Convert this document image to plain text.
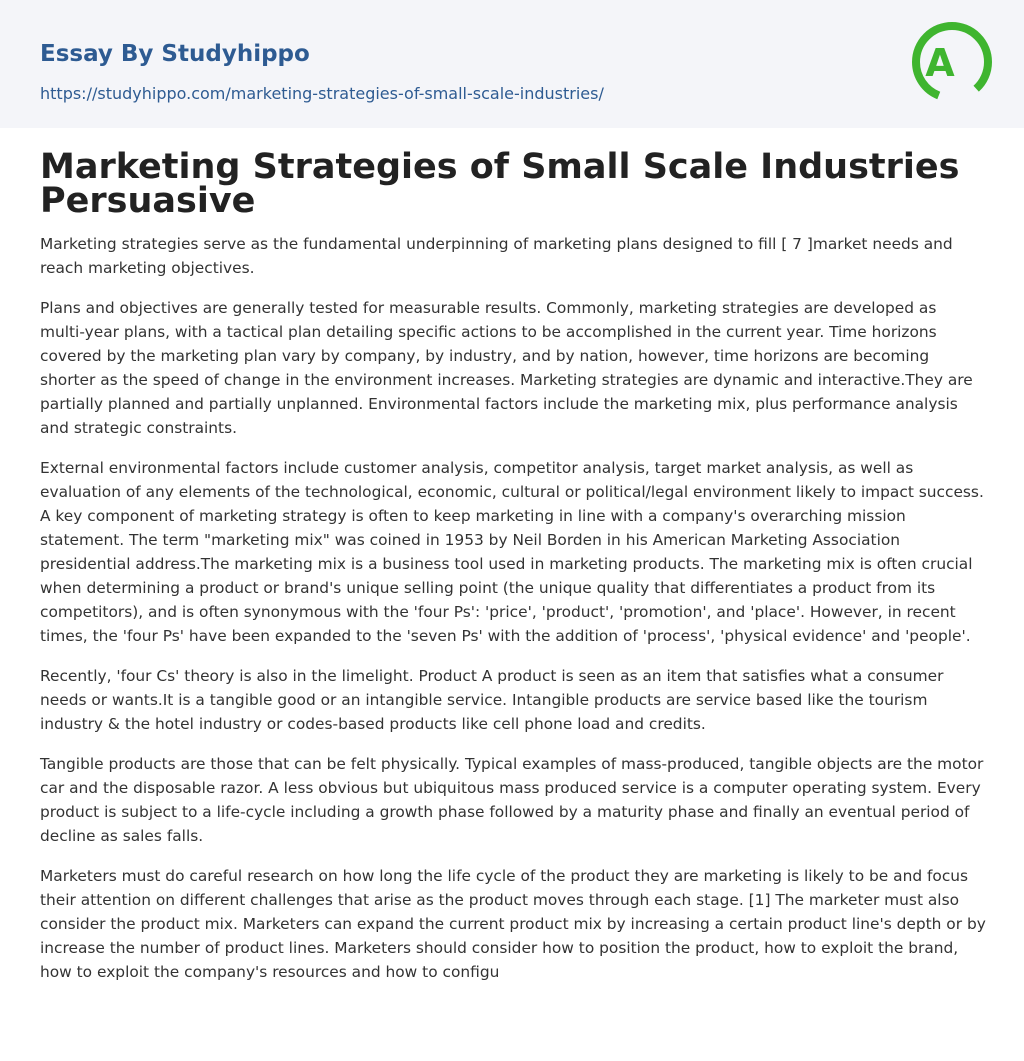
Essay By Studyhippo
https://studyhippo.com/marketing-strategies-of-small-scale-industries/
A
Marketing Strategies of Small Scale Industries Persuasive

Marketing strategies serve as the fundamental underpinning of marketing plans designed to fill [ 7 ]market needs and reach marketing objectives.

Plans and objectives are generally tested for measurable results. Commonly, marketing strategies are developed as multi-year plans, with a tactical plan detailing specific actions to be accomplished in the current year. Time horizons covered by the marketing plan vary by company, by industry, and by nation, however, time horizons are becoming shorter as the speed of change in the environment increases. Marketing strategies are dynamic and interactive.They are partially planned and partially unplanned. Environmental factors include the marketing mix, plus performance analysis and strategic constraints.

External environmental factors include customer analysis, competitor analysis, target market analysis, as well as evaluation of any elements of the technological, economic, cultural or political/legal environment likely to impact success. A key component of marketing strategy is often to keep marketing in line with a company's overarching mission statement. The term "marketing mix" was coined in 1953 by Neil Borden in his American Marketing Association presidential address.The marketing mix is a business tool used in marketing products. The marketing mix is often crucial when determining a product or brand's unique selling point (the unique quality that differentiates a product from its competitors), and is often synonymous with the 'four Ps': 'price', 'product', 'promotion', and 'place'. However, in recent times, the 'four Ps' have been expanded to the 'seven Ps' with the addition of 'process', 'physical evidence' and 'people'.

Recently, 'four Cs' theory is also in the limelight. Product A product is seen as an item that satisfies what a consumer needs or wants.It is a tangible good or an intangible service. Intangible products are service based like the tourism industry & the hotel industry or codes-based products like cell phone load and credits.

Tangible products are those that can be felt physically. Typical examples of mass-produced, tangible objects are the motor car and the disposable razor. A less obvious but ubiquitous mass produced service is a computer operating system. Every product is subject to a life-cycle including a growth phase followed by a maturity phase and finally an eventual period of decline as sales falls.

Marketers must do careful research on how long the life cycle of the product they are marketing is likely to be and focus their attention on different challenges that arise as the product moves through each stage. [1] The marketer must also consider the product mix. Marketers can expand the current product mix by increasing a certain product line's depth or by increase the number of product lines. Marketers should consider how to position the product, how to exploit the brand, how to exploit the company's resources and how to configu
